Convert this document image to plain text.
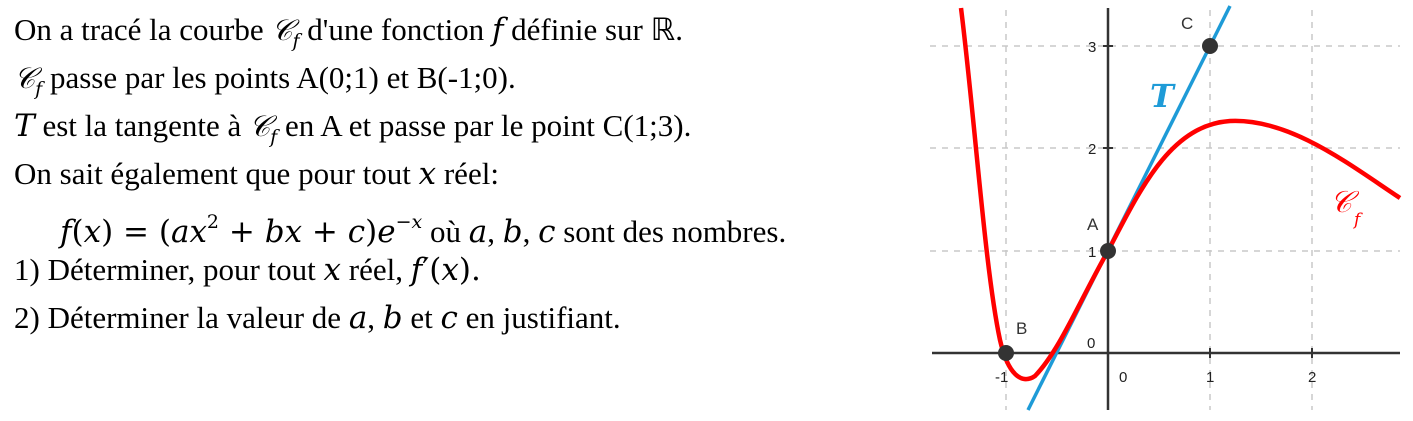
On a tracé la courbe 𝒞$_f$ d'une fonction f définie sur ℝ.
𝒞$_f$ passe par les points A(0;1) et B(-1;0).
T est la tangente à 𝒞$_f$ en A et passe par le point C(1;3).
On sait également que pour tout x réel:
$f(x) = (ax^2$ + bx + $c)e^{-x}$ où a, b, c sont des nombres.
1) Déterminer, pour tout x réel, f′(x).
2) Déterminer la valeur de a, b et c en justifiant.
0	1	2
-1
0
1
2
3
B
A
C
T
𝒞 f
